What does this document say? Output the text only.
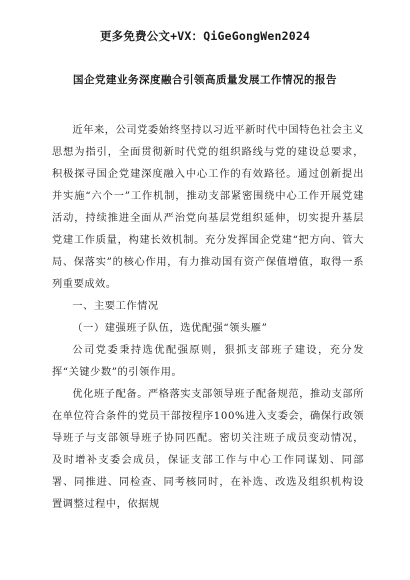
更多免费公文+VX：QiGeGongWen2024
国企党建业务深度融合引领高质量发展工作情况的报告

近年来，公司党委始终坚持以习近平新时代中国特色社会主义思想为指引，全面贯彻新时代党的组织路线与党的建设总要求，积极探寻国企党建深度融入中心工作的有效路径。通过创新提出并实施“六个一”工作机制，推动支部紧密围绕中心工作开展党建活动，持续推进全面从严治党向基层党组织延伸，切实提升基层党建工作质量，构建长效机制。充分发挥国企党建“把方向、管大局、保落实”的核心作用，有力推动国有资产保值增值，取得一系列重要成效。

一、主要工作情况

（一）建强班子队伍，选优配强“领头雁”

公司党委秉持选优配强原则，狠抓支部班子建设，充分发挥“关键少数”的引领作用。

优化班子配备。严格落实支部领导班子配备规范，推动支部所在单位符合条件的党员干部按程序100%进入支委会，确保行政领导班子与支部领导班子协同匹配。密切关注班子成员变动情况，及时增补支委会成员，保证支部工作与中心工作同谋划、同部署、同推进、同检查、同考核同时，在补选、改选及组织机构设置调整过程中，依据规
